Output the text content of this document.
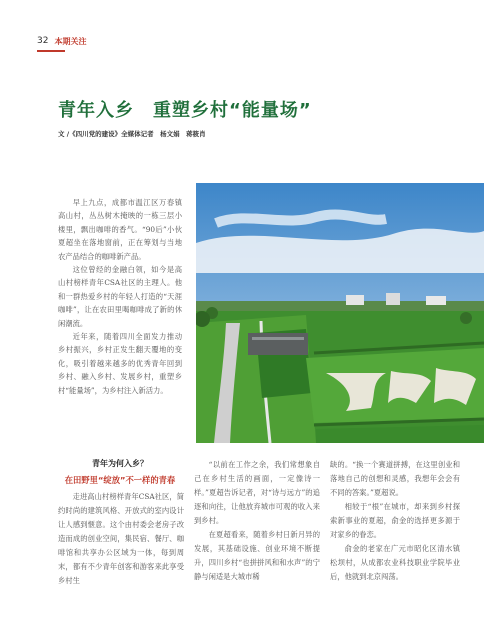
32 本期关注
青年入乡　重塑乡村“能量场”
文 /《四川党的建设》全媒体记者　杨文娟　蒋筱肖

早上九点，成都市温江区万春镇高山村，丛丛树木掩映的一栋三层小楼里，飘出咖啡的香气。“90后”小伙夏超坐在落地窗前，正在筹划与当地农产品结合的咖啡新产品。

这位曾经的金融白领，如今是高山村榜样青年CSA社区的主理人。他和一群热爱乡村的年轻人打造的“天涯咖啡”，让在农田里喝咖啡成了新的休闲潮流。

近年来，随着四川全面发力推动乡村振兴，乡村正发生翻天覆地的变化，吸引着越来越多的优秀青年回到乡村、融入乡村、发展乡村，重塑乡村“能量场”，为乡村注入新活力。

青年为何入乡？
在田野里“绽放”不一样的青春

走进高山村榜样青年CSA社区，简约时尚的建筑风格、开放式的室内设计让人感到惬意。这个由村委会老房子改造而成的创业空间，集民宿、餐厅、咖啡馆和共享办公区域为一体，每到周末，都有不少青年创客和游客来此享受乡村生

“以前在工作之余，我们常想象自己在乡村生活的画面，一定像诗一样。”夏超告诉记者，对“诗与远方”的追逐和向往，让他放弃城市可观的收入来到乡村。

在夏超看来，随着乡村日新月异的发展，其基础设施、创业环境不断提升，四川乡村“也拼拼风和和水声”的宁静与闲适是大城市稀

缺的。“换一个赛道拼搏，在这里创业和落地自己的创想和灵感，我想年会会有不同的答案。”夏超说。

相较于“根”在城市，却来到乡村探索新事业的夏超，俞金的选择更多源于对家乡的眷恋。

俞金的老家在广元市昭化区清水镇松坝村，从成都农业科技职业学院毕业后，他就到北京闯荡。
